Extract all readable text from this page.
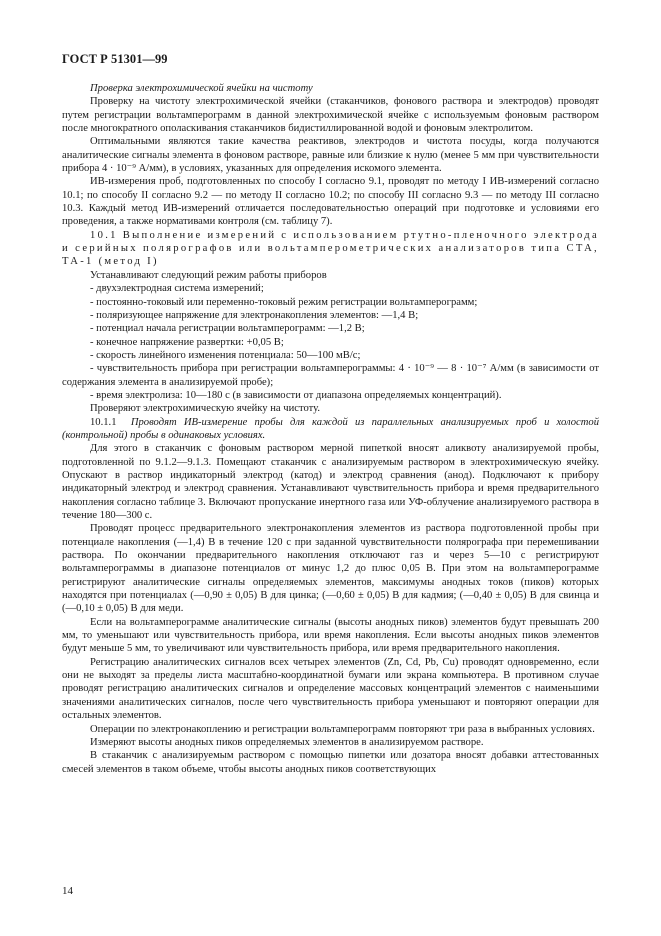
ГОСТ Р 51301—99

Проверка электрохимической ячейки на чистоту

Проверку на чистоту электрохимической ячейки (стаканчиков, фонового раствора и электродов) проводят путем регистрации вольтамперограмм в данной электрохимической ячейке с используемым фоновым раствором после многократного ополаскивания стаканчиков бидистиллированной водой и фоновым электролитом.

Оптимальными являются такие качества реактивов, электродов и чистота посуды, когда получаются аналитические сигналы элемента в фоновом растворе, равные или близкие к нулю (менее 5 мм при чувствительности прибора 4 · 10⁻⁹ А/мм), в условиях, указанных для определения искомого элемента.

ИВ-измерения проб, подготовленных по способу I согласно 9.1, проводят по методу I ИВ-измерений согласно 10.1; по способу II согласно 9.2 — по методу II согласно 10.2; по способу III согласно 9.3 — по методу III согласно 10.3. Каждый метод ИВ-измерений отличается последовательностью операций при подготовке и условиями его проведения, а также нормативами контроля (см. таблицу 7).

10.1 Выполнение измерений с использованием ртутно-пленочного электрода и серийных полярографов или вольтамперометрических анализаторов типа СТА, ТА-1 (метод I)

Устанавливают следующий режим работы приборов

- двухэлектродная система измерений;

- постоянно-токовый или переменно-токовый режим регистрации вольтамперограмм;

- поляризующее напряжение для электронакопления элементов: —1,4 В;

- потенциал начала регистрации вольтамперограмм: —1,2 В;

- конечное напряжение развертки: +0,05 В;

- скорость линейного изменения потенциала: 50—100 мВ/с;

- чувствительность прибора при регистрации вольтамперограммы: 4 · 10⁻⁹ — 8 · 10⁻⁷ А/мм (в зависимости от содержания элемента в анализируемой пробе);

- время электролиза: 10—180 с (в зависимости от диапазона определяемых концентраций).

Проверяют электрохимическую ячейку на чистоту.

10.1.1 Проводят ИВ-измерение пробы для каждой из параллельных анализируемых проб и холостой (контрольной) пробы в одинаковых условиях.

Для этого в стаканчик с фоновым раствором мерной пипеткой вносят аликвоту анализируемой пробы, подготовленной по 9.1.2—9.1.3. Помещают стаканчик с анализируемым раствором в электрохимическую ячейку. Опускают в раствор индикаторный электрод (катод) и электрод сравнения (анод). Подключают к прибору индикаторный электрод и электрод сравнения. Устанавливают чувствительность прибора и время предварительного накопления согласно таблице 3. Включают пропускание инертного газа или УФ-облучение анализируемого раствора в течение 180—300 с.

Проводят процесс предварительного электронакопления элементов из раствора подготовленной пробы при потенциале накопления (—1,4) В в течение 120 с при заданной чувствительности полярографа при перемешивании раствора. По окончании предварительного накопления отключают газ и через 5—10 с регистрируют вольтамперограммы в диапазоне потенциалов от минус 1,2 до плюс 0,05 В. При этом на вольтамперограмме регистрируют аналитические сигналы определяемых элементов, максимумы анодных токов (пиков) которых находятся при потенциалах (—0,90 ± 0,05) В для цинка; (—0,60 ± 0,05) В для кадмия; (—0,40 ± 0,05) В для свинца и (—0,10 ± 0,05) В для меди.

Если на вольтамперограмме аналитические сигналы (высоты анодных пиков) элементов будут превышать 200 мм, то уменьшают или чувствительность прибора, или время накопления. Если высоты анодных пиков элементов будут меньше 5 мм, то увеличивают или чувствительность прибора, или время предварительного накопления.

Регистрацию аналитических сигналов всех четырех элементов (Zn, Cd, Pb, Cu) проводят одновременно, если они не выходят за пределы листа масштабно-координатной бумаги или экрана компьютера. В противном случае проводят регистрацию аналитических сигналов и определение массовых концентраций элементов с наименьшими значениями аналитических сигналов, после чего чувствительность прибора уменьшают и повторяют операции для остальных элементов.

Операции по электронакоплению и регистрации вольтамперограмм повторяют три раза в выбранных условиях.

Измеряют высоты анодных пиков определяемых элементов в анализируемом растворе.

В стаканчик с анализируемым раствором с помощью пипетки или дозатора вносят добавки аттестованных смесей элементов в таком объеме, чтобы высоты анодных пиков соответствующих

14
